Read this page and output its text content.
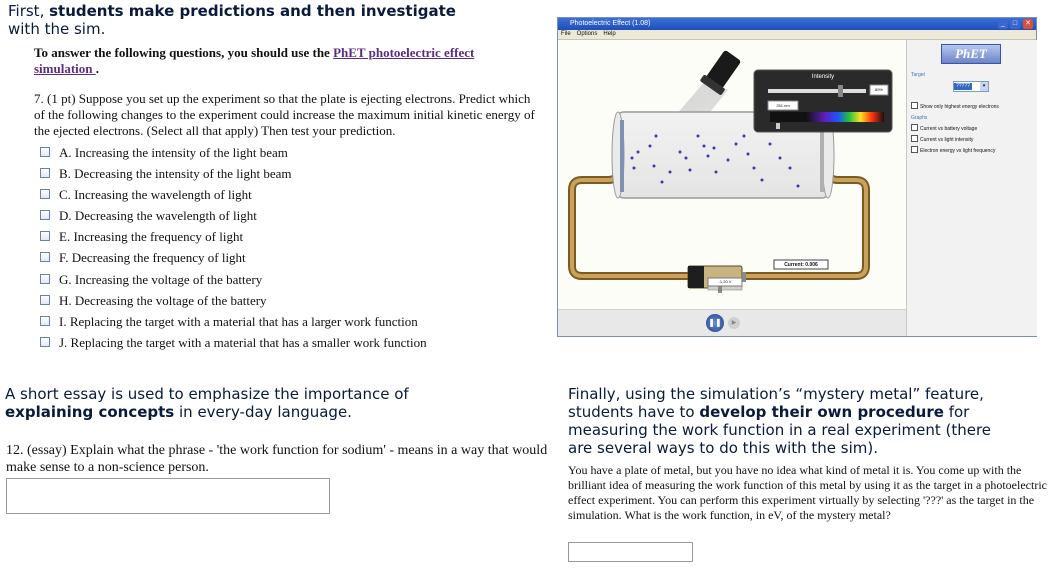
First, students make predictions and then investigate
with the sim.
To answer the following questions, you should use the PhET photoelectric effect simulation .
7. (1 pt) Suppose you set up the experiment so that the plate is ejecting electrons. Predict which of the following changes to the experiment could increase the maximum initial kinetic energy of the ejected electrons. (Select all that apply) Then test your prediction.
A. Increasing the intensity of the light beam
B. Decreasing the intensity of the light beam
C. Increasing the wavelength of light
D. Decreasing the wavelength of light
E. Increasing the frequency of light
F. Decreasing the frequency of light
G. Increasing the voltage of the battery
H. Decreasing the voltage of the battery
I. Replacing the target with a material that has a larger work function
J. Replacing the target with a material that has a smaller work function
Photoelectric Effect (1.08)	_	□	✕
File Options Help
Intensity
89%
251 nm
Current: 0.006
-1.20 V
❚❚	▶
PhET
Target
?????	▾
Show only highest energy electrons
Graphs
Current vs battery voltage
Current vs light intensity
Electron energy vs light frequency
A short essay is used to emphasize the importance of
explaining concepts in every-day language.
12. (essay) Explain what the phrase - 'the work function for sodium' - means in a way that would make sense to a non-science person.
Finally, using the simulation’s “mystery metal” feature,
students have to develop their own procedure for
measuring the work function in a real experiment (there
are several ways to do this with the sim).
You have a plate of metal, but you have no idea what kind of metal it is. You come up with the brilliant idea of measuring the work function of this metal by using it as the target in a photoelectric effect experiment. You can perform this experiment virtually by selecting '???' as the target in the simulation. What is the work function, in eV, of the mystery metal?
